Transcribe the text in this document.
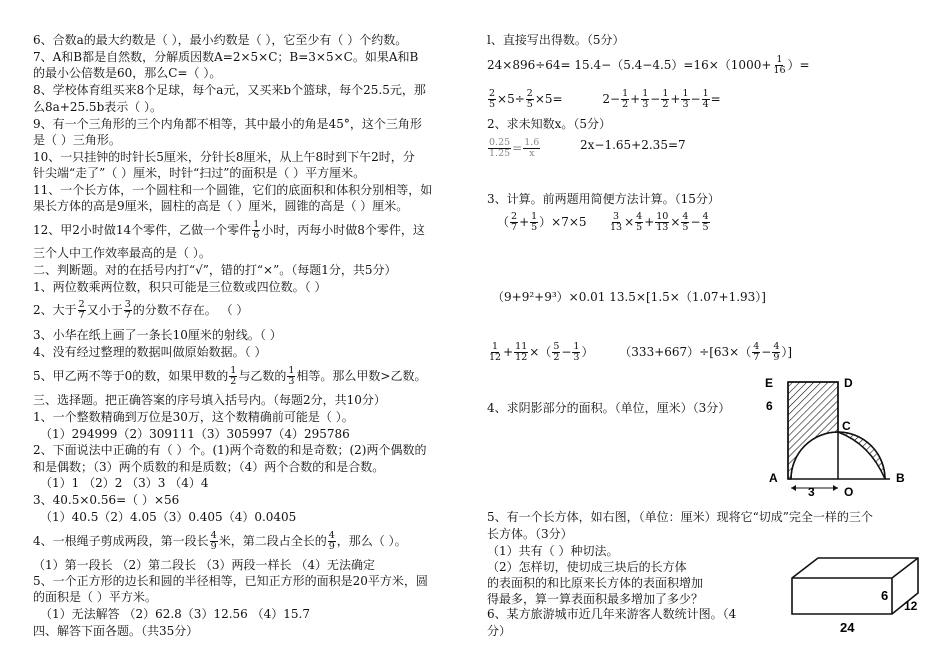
6、合数a的最大约数是（ ），最小约数是（ ），它至少有（ ）个约数。
7、A和B都是自然数，分解质因数A=2×5×C；B=3×5×C。如果A和B
的最小公倍数是60，那么C=（ ）。
8、学校体育组买来8个足球，每个a元，又买来b个篮球，每个25.5元，那
么8a+25.5b表示（ ）。
9、有一个三角形的三个内角都不相等，其中最小的角是45°，这个三角形
是（ ）三角形。
10、一只挂钟的时针长5厘米，分针长8厘米，从上午8时到下午2时，分
针尖端“走了”（ ）厘米，时针“扫过”的面积是（ ）平方厘米。
11、一个长方体，一个圆柱和一个圆锥，它们的底面积和体积分别相等，如
果长方体的高是9厘米，圆柱的高是（ ）厘米，圆锥的高是（ ）厘米。
12、甲2小时做14个零件，乙做一个零件 $\frac{1}{6}$ 小时，丙每小时做8个零件，这
三个人中工作效率最高的是（ ）。
二、判断题。对的在括号内打“√”，错的打“×”。（每题1分，共5分）
1、两位数乘两位数，积只可能是三位数或四位数。（ ）
2、大于 $\frac{2}{7}$ 又小于 $\frac{3}{7}$ 的分数不存在。 （ ）
3、小华在纸上画了一条长10厘米的射线。（ ）
4、没有经过整理的数据叫做原始数据。（ ）
5、甲乙两不等于0的数，如果甲数的 $\frac{1}{2}$ 与乙数的 $\frac{1}{3}$ 相等。那么甲数>乙数。
三、选择题。把正确答案的序号填入括号内。（每题2分，共10分）
1、一个整数精确到万位是30万，这个数精确前可能是（ ）。
（1）294999（2）309111（3）305997（4）295786
2、下面说法中正确的有（ ）个。(1)两个奇数的和是奇数；(2)两个偶数的
和是偶数；（3）两个质数的和是质数；（4）两个合数的和是合数。
（1）1 （2）2 （3）3 （4）4
3、40.5×0.56=（ ）×56
（1）40.5（2）4.05（3）0.405（4）0.0405
4、一根绳子剪成两段，第一段长 $\frac{4}{9}$ 米，第二段占全长的 $\frac{4}{9}$ ，那么（ ）。
（1）第一段长 （2）第二段长 （3）两段一样长 （4）无法确定
5、一个正方形的边长和圆的半径相等，已知正方形的面积是20平方米，圆
的面积是（ ）平方米。
（1）无法解答 （2）62.8（3）12.56 （4）15.7
四、解答下面各题。（共35分）
l、直接写出得数。（5分）
$24\times 896\div 64= 15.4-(5.4-4.5)=16\times(1000+ \frac{1}{16}$ ）=
$\frac{2}{5} \times 5\div \frac{2}{5} \times 5=$	$2- \frac{1}{2} + \frac{1}{3} - \frac{1}{2} + \frac{1}{3} - \frac{1}{4}$ =
2、求未知数x。（5分）
$\frac{0.25}{1.25} = \frac{1.6}{x}$	2x−1.65+2.35=7
3、计算。前两题用简便方法计算。（15分）
（ $\frac{2}{7} + \frac{1}{5} )\times 7\times 5 \frac{3}{13} \times \frac{4}{5} + \frac{10}{13} \times \frac{4}{5} - \frac{4}{5}$
（9+9²+9³）×0.01 13.5×[1.5×（1.07+1.93）]
$\frac{1}{12} + \frac{11}{12}$ ×（ $\frac{5}{2} - \frac{1}{3}$ ） $(333+667)\div[63\times( \frac{4}{7} - \frac{4}{9}$ ）]
4、求阴影部分的面积。（单位，厘米）（3分）
E	D
C
6
A	B
O
3
5、有一个长方体，如右图，（单位：厘米）现将它“切成”完全一样的三个
长方体。（3分）
（1）共有（ ）种切法。
（2）怎样切，使切成三块后的长方体
的表面积的和比原来长方体的表面积增加
得最多，算一算表面积最多增加了多少？
6、某方旅游城市近几年来游客人数统计图。（4
分）
6
12
24
